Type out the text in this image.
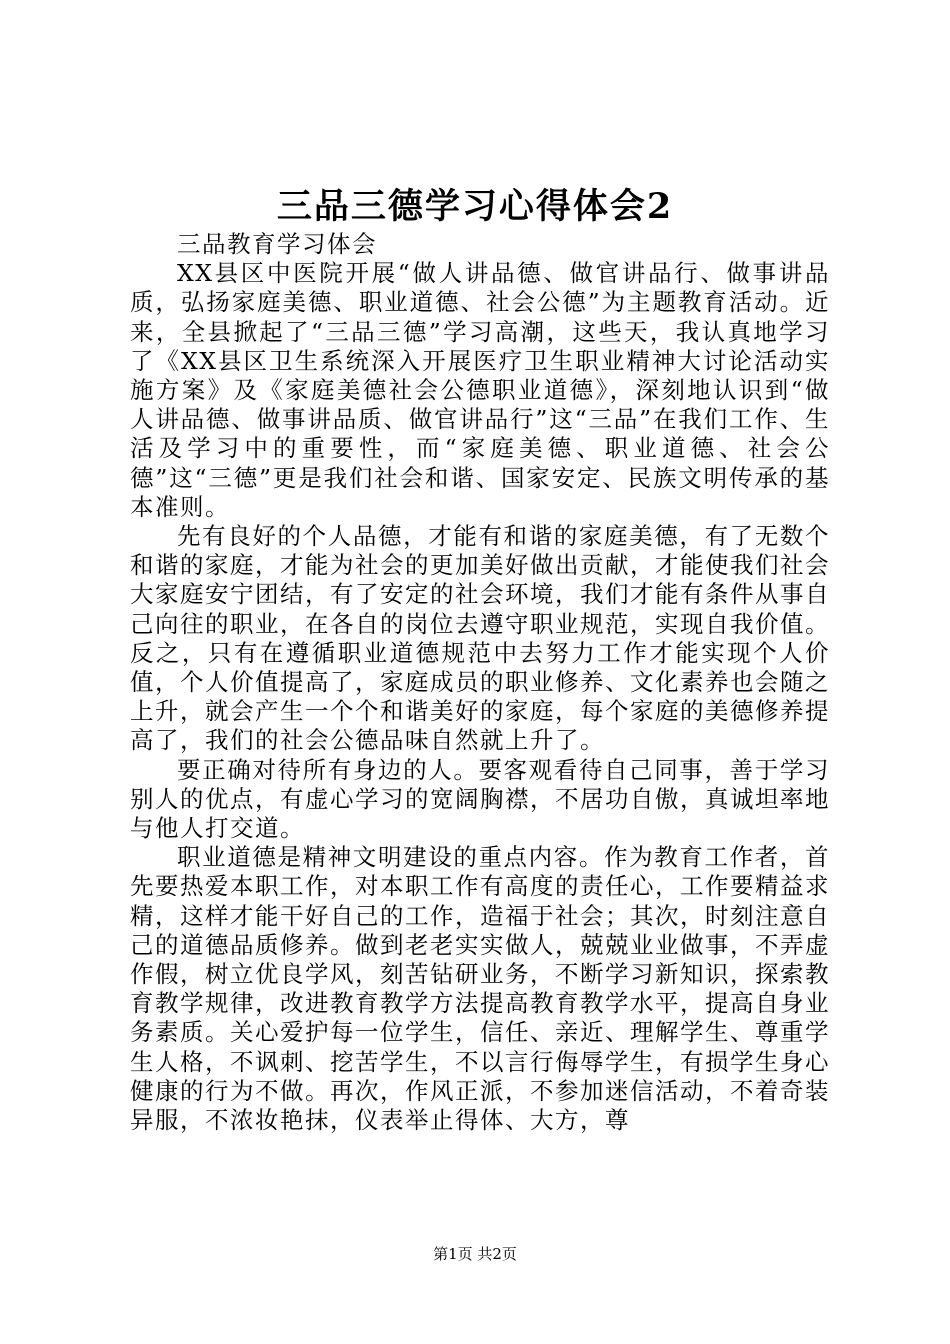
三品三德学习心得体会2

三品教育学习体会

XX县区中医院开展“做人讲品德、做官讲品行、做事讲品质，弘扬家庭美德、职业道德、社会公德”为主题教育活动。近来，全县掀起了“三品三德”学习高潮，这些天，我认真地学习了《XX县区卫生系统深入开展医疗卫生职业精神大讨论活动实施方案》及《家庭美德社会公德职业道德》，深刻地认识到“做人讲品德、做事讲品质、做官讲品行”这“三品”在我们工作、生活及学习中的重要性，而“家庭美德、职业道德、社会公德”这“三德”更是我们社会和谐、国家安定、民族文明传承的基本准则。

先有良好的个人品德，才能有和谐的家庭美德，有了无数个和谐的家庭，才能为社会的更加美好做出贡献，才能使我们社会大家庭安宁团结，有了安定的社会环境，我们才能有条件从事自己向往的职业，在各自的岗位去遵守职业规范，实现自我价值。反之，只有在遵循职业道德规范中去努力工作才能实现个人价值，个人价值提高了，家庭成员的职业修养、文化素养也会随之上升，就会产生一个个和谐美好的家庭，每个家庭的美德修养提高了，我们的社会公德品味自然就上升了。

要正确对待所有身边的人。要客观看待自己同事，善于学习别人的优点，有虚心学习的宽阔胸襟，不居功自傲，真诚坦率地与他人打交道。

职业道德是精神文明建设的重点内容。作为教育工作者，首先要热爱本职工作，对本职工作有高度的责任心，工作要精益求精，这样才能干好自己的工作，造福于社会；其次，时刻注意自己的道德品质修养。做到老老实实做人，兢兢业业做事，不弄虚作假，树立优良学风，刻苦钻研业务，不断学习新知识，探索教育教学规律，改进教育教学方法提高教育教学水平，提高自身业务素质。关心爱护每一位学生，信任、亲近、理解学生、尊重学生人格，不讽刺、挖苦学生，不以言行侮辱学生，有损学生身心健康的行为不做。再次，作风正派，不参加迷信活动，不着奇装异服，不浓妆艳抹，仪表举止得体、大方，尊

第1页 共2页
